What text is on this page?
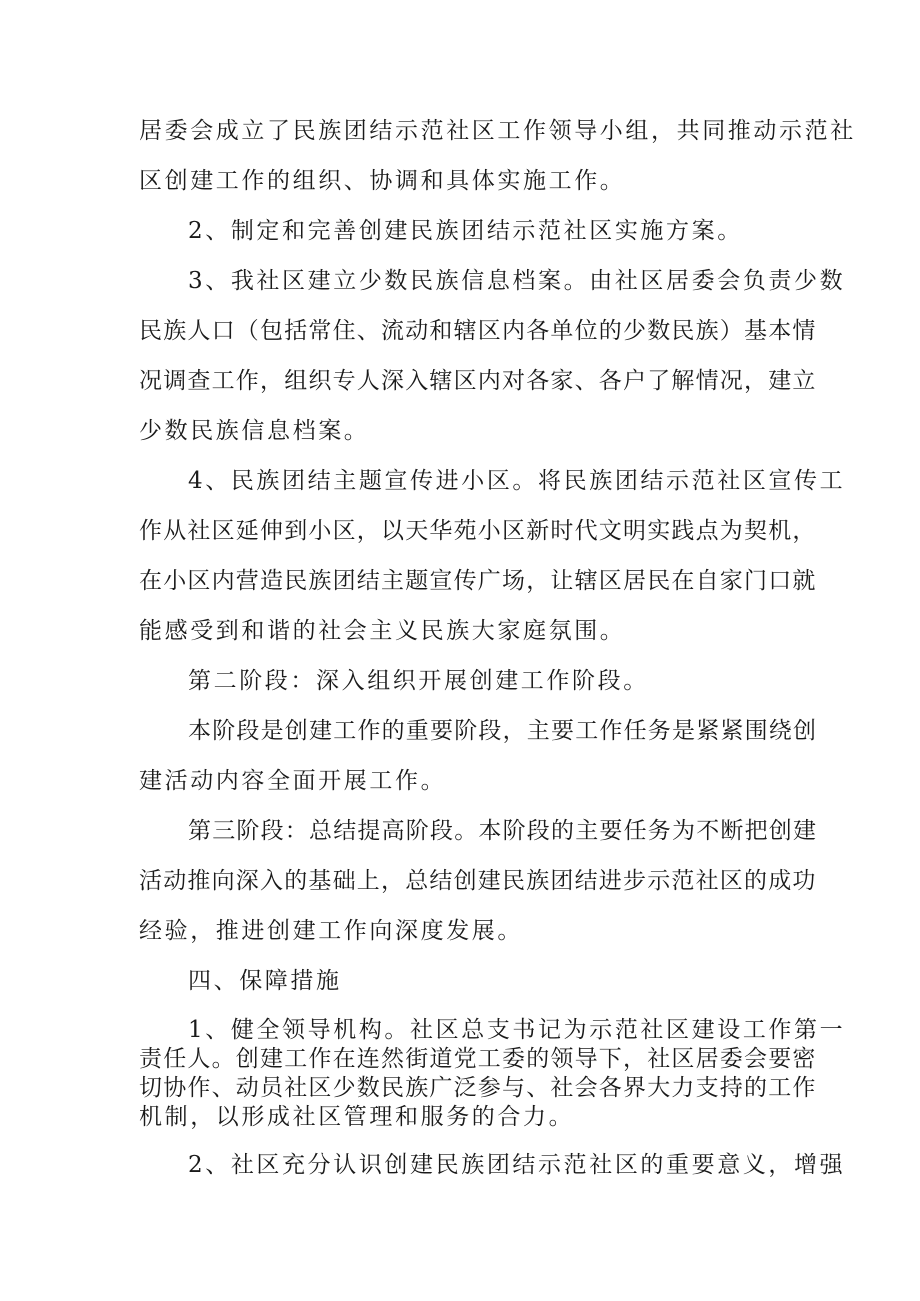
居委会成立了民族团结示范社区工作领导小组，共同推动示范社
区创建工作的组织、协调和具体实施工作。
2、制定和完善创建民族团结示范社区实施方案。
3、我社区建立少数民族信息档案。由社区居委会负责少数
民族人口（包括常住、流动和辖区内各单位的少数民族）基本情
况调查工作，组织专人深入辖区内对各家、各户了解情况，建立
少数民族信息档案。
4、民族团结主题宣传进小区。将民族团结示范社区宣传工
作从社区延伸到小区，以天华苑小区新时代文明实践点为契机，
在小区内营造民族团结主题宣传广场，让辖区居民在自家门口就
能感受到和谐的社会主义民族大家庭氛围。
第二阶段：深入组织开展创建工作阶段。
本阶段是创建工作的重要阶段，主要工作任务是紧紧围绕创
建活动内容全面开展工作。
第三阶段：总结提高阶段。本阶段的主要任务为不断把创建
活动推向深入的基础上，总结创建民族团结进步示范社区的成功
经验，推进创建工作向深度发展。
四、保障措施
1、健全领导机构。社区总支书记为示范社区建设工作第一
责任人。创建工作在连然街道党工委的领导下，社区居委会要密
切协作、动员社区少数民族广泛参与、社会各界大力支持的工作
机制，以形成社区管理和服务的合力。
2、社区充分认识创建民族团结示范社区的重要意义，增强
